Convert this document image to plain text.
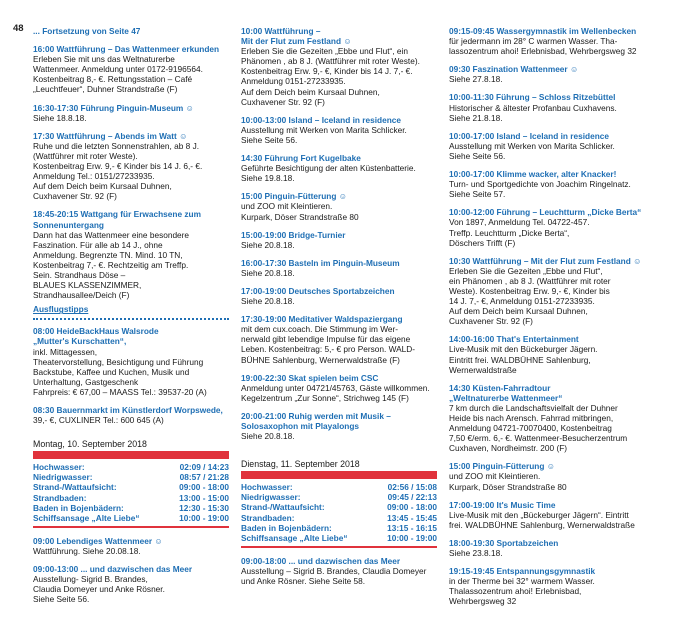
48 ... Fortsetzung von Seite 47
16:00 Wattführung – Das Wattenmeer erkunden
Erleben Sie mit uns das Weltnaturerbe
Wattenmeer. Anmeldung unter 0172-9196564.
Kostenbeitrag 8,- €. Rettungsstation – Café
„Leuchtfeuer“, Duhner Strandstraße (F)
16:30-17:30 Führung Pinguin-Museum ☺
Siehe 18.8.18.
17:30 Wattführung – Abends im Watt ☺
Ruhe und die letzten Sonnenstrahlen, ab 8 J.
(Wattführer mit roter Weste).
Kostenbeitrag Erw. 9,- € Kinder bis 14 J. 6,- €.
Anmeldung Tel.: 0151/27233935.
Auf dem Deich beim Kursaal Duhnen,
Cuxhavener Str. 92 (F)
18:45-20:15 Wattgang für Erwachsene zum
Sonnenuntergang
Dann hat das Wattenmeer eine besondere
Faszination. Für alle ab 14 J., ohne
Anmeldung. Begrenzte TN. Mind. 10 TN,
Kostenbeitrag 7,- €. Rechtzeitig am Treffp.
Sein. Strandhaus Döse –
BLAUES KLASSENZIMMER,
Strandhausallee/Deich (F)
Ausflugstipps
08:00 HeideBackHaus Walsrode
„Mutter's Kurschatten“,
inkl. Mittagessen,
Theatervorstellung, Besichtigung und Führung
Backstube, Kaffee und Kuchen, Musik und
Unterhaltung, Gastgeschenk
Fahrpreis: € 67,00 – MAASS Tel.: 39537-20 (A)
08:30 Bauernmarkt im Künstlerdorf Worpswede,
39,- €, CUXLINER Tel.: 600 645 (A)
Montag, 10. September 2018
Hochwasser:	02:09 / 14:23
Niedrigwasser:	08:57 / 21:28
Strand-/Wattaufsicht:	09:00 - 18:00
Strandbaden:	13:00 - 15:00
Baden in Bojenbädern:	12:30 - 15:30
Schiffsansage „Alte Liebe“	10:00 - 19:00
09:00 Lebendiges Wattenmeer ☺
Wattführung. Siehe 20.08.18.
09:00-13:00 ... und dazwischen das Meer
Ausstellung- Sigrid B. Brandes,
Claudia Domeyer und Anke Rösner.
Siehe Seite 56.
10:00 Wattführung –
Mit der Flut zum Festland ☺
Erleben Sie die Gezeiten „Ebbe und Flut“, ein
Phänomen , ab 8 J. (Wattführer mit roter Weste).
Kostenbeitrag Erw. 9,- €, Kinder bis 14 J. 7,- €.
Anmeldung 0151-27233935.
Auf dem Deich beim Kursaal Duhnen,
Cuxhavener Str. 92 (F)
10:00-13:00 Island – Iceland in residence
Ausstellung mit Werken von Marita Schlicker.
Siehe Seite 56.
14:30 Führung Fort Kugelbake
Geführte Besichtigung der alten Küstenbatterie.
Siehe 19.8.18.
15:00 Pinguin-Fütterung ☺
und ZOO mit Kleintieren.
Kurpark, Döser Strandstraße 80
15:00-19:00 Bridge-Turnier
Siehe 20.8.18.
16:00-17:30 Basteln im Pinguin-Museum
Siehe 20.8.18.
17:00-19:00 Deutsches Sportabzeichen
Siehe 20.8.18.
17:30-19:00 Meditativer Waldspaziergang
mit dem cux.coach. Die Stimmung im Wer-
nerwald gibt lebendige Impulse für das eigene
Leben. Kostenbeitrag: 5,- € pro Person. WALD-
BÜHNE Sahlenburg, Wernerwaldstraße (F)
19:00-22:30 Skat spielen beim CSC
Anmeldung unter 04721/45763, Gäste willkommen.
Kegelzentrum „Zur Sonne“, Strichweg 145 (F)
20:00-21:00 Ruhig werden mit Musik –
Solosaxophon mit Playalongs
Siehe 20.8.18.
Dienstag, 11. September 2018
Hochwasser:	02:56 / 15:08
Niedrigwasser:	09:45 / 22:13
Strand-/Wattaufsicht:	09:00 - 18:00
Strandbaden:	13:45 - 15:45
Baden in Bojenbädern:	13:15 - 16:15
Schiffsansage „Alte Liebe“	10:00 - 19:00
09:00-18:00 ... und dazwischen das Meer
Ausstellung – Sigrid B. Brandes, Claudia Domeyer
und Anke Rösner. Siehe Seite 58.
09:15-09:45 Wassergymnastik im Wellenbecken
für jedermann im 28° C warmen Wasser. Tha-
lassozentrum ahoi! Erlebnisbad, Wehrbergsweg 32
09:30 Faszination Wattenmeer ☺
Siehe 27.8.18.
10:00-11:30 Führung – Schloss Ritzebüttel
Historischer & ältester Profanbau Cuxhavens.
Siehe 21.8.18.
10:00-17:00 Island – Iceland in residence
Ausstellung mit Werken von Marita Schlicker.
Siehe Seite 56.
10:00-17:00 Klimme wacker, alter Knacker!
Turn- und Sportgedichte von Joachim Ringelnatz.
Siehe Seite 57.
10:00-12:00 Führung – Leuchtturm „Dicke Berta“
Von 1897, Anmeldung Tel. 04722-457.
Treffp. Leuchtturm „Dicke Berta“,
Döschers Trifft (F)
10:30 Wattführung – Mit der Flut zum Festland ☺
Erleben Sie die Gezeiten „Ebbe und Flut“,
ein Phänomen , ab 8 J. (Wattführer mit roter
Weste). Kostenbeitrag Erw. 9,- €, Kinder bis
14 J. 7,- €, Anmeldung 0151-27233935.
Auf dem Deich beim Kursaal Duhnen,
Cuxhavener Str. 92 (F)
14:00-16:00 That's Entertainment
Live-Musik mit den Bückeburger Jägern.
Eintritt frei. WALDBÜHNE Sahlenburg,
Wernerwaldstraße
14:30 Küsten-Fahrradtour
„Weltnaturerbe Wattenmeer“
7 km durch die Landschaftsvielfalt der Duhner
Heide bis nach Arensch. Fahrrad mitbringen,
Anmeldung 04721-70070400, Kostenbeitrag
7,50 €/erm. 6,- €. Wattenmeer-Besucherzentrum
Cuxhaven, Nordheimstr. 200 (F)
15:00 Pinguin-Fütterung ☺
und ZOO mit Kleintieren.
Kurpark, Döser Strandstraße 80
17:00-19:00 It's Music Time
Live-Musik mit den „Bückeburger Jägern“. Eintritt
frei. WALDBÜHNE Sahlenburg, Wernerwaldstraße
18:00-19:30 Sportabzeichen
Siehe 23.8.18.
19:15-19:45 Entspannungsgymnastik
in der Therme bei 32° warmem Wasser.
Thalassozentrum ahoi! Erlebnisbad,
Wehrbergsweg 32
